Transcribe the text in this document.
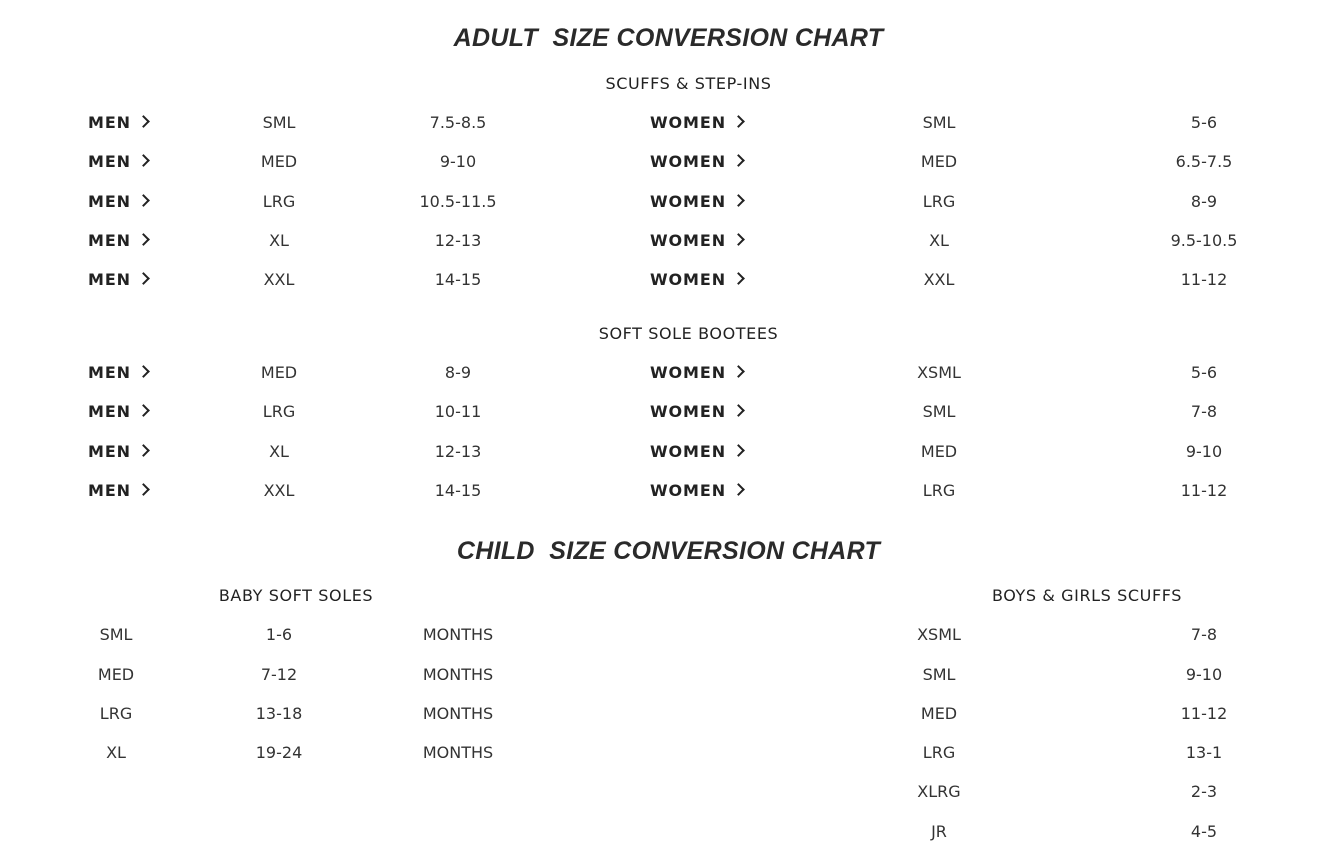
ADULT  SIZE CONVERSION CHART
SCUFFS & STEP-INS
MEN	SML	7.5-8.5	WOMEN	SML	5-6
MEN	MED	9-10	WOMEN	MED	6.5-7.5
MEN	LRG	10.5-11.5	WOMEN	LRG	8-9
MEN	XL	12-13	WOMEN	XL	9.5-10.5
MEN	XXL	14-15	WOMEN	XXL	11-12
SOFT SOLE BOOTEES
MEN	MED	8-9	WOMEN	XSML	5-6
MEN	LRG	10-11	WOMEN	SML	7-8
MEN	XL	12-13	WOMEN	MED	9-10
MEN	XXL	14-15	WOMEN	LRG	11-12
CHILD  SIZE CONVERSION CHART
BABY SOFT SOLES	BOYS & GIRLS SCUFFS
SML	1-6	MONTHS
MED	7-12	MONTHS
LRG	13-18	MONTHS
XL	19-24	MONTHS
XSML	7-8
SML	9-10
MED	11-12
LRG	13-1
XLRG	2-3
JR	4-5
